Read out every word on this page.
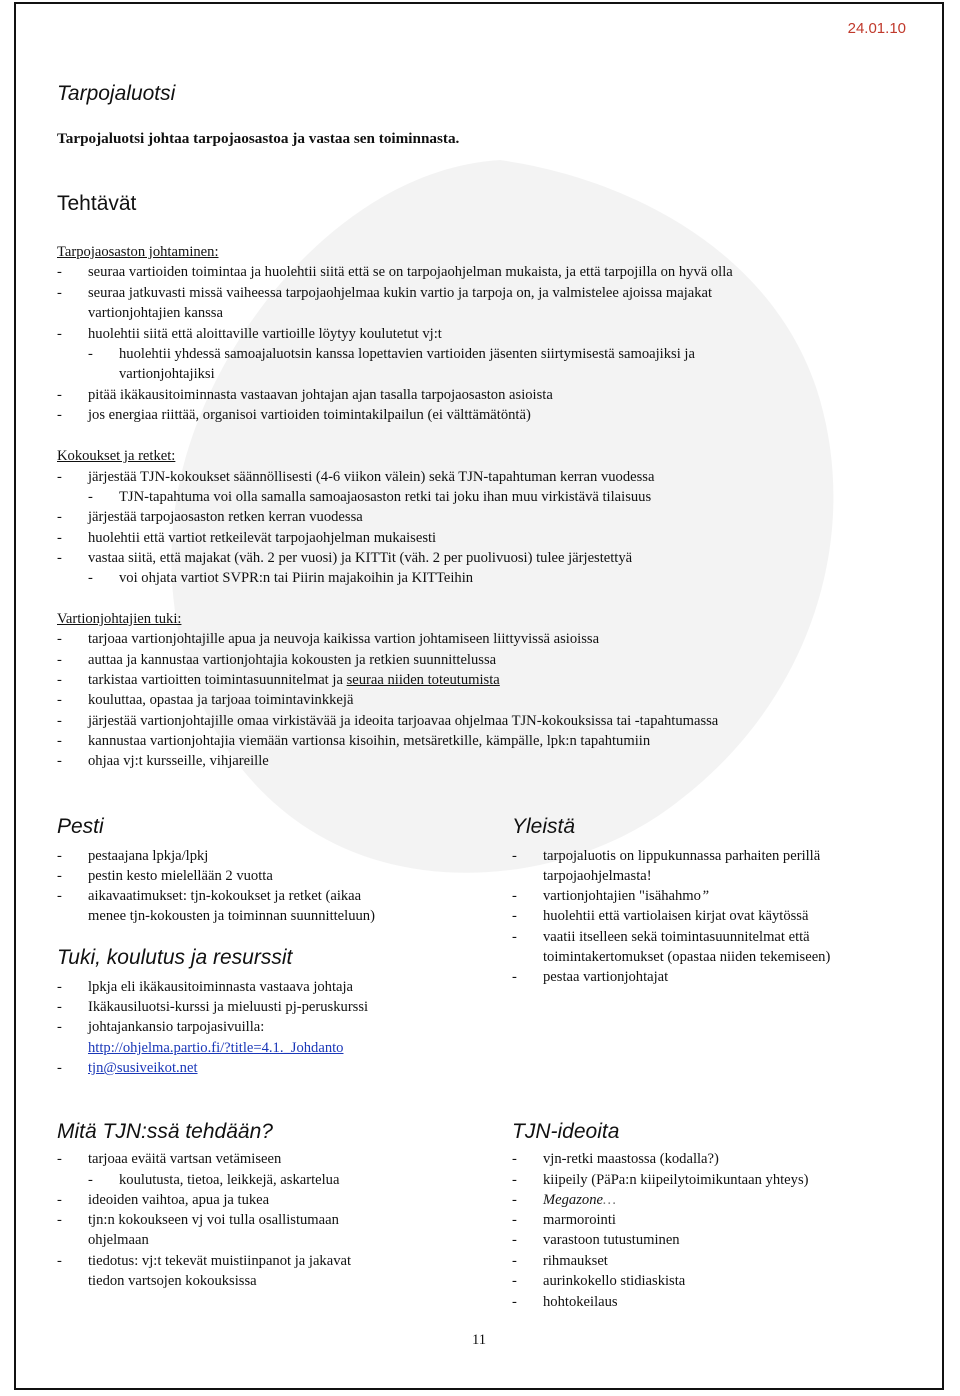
24.01.10
Tarpojaluotsi
Tarpojaluotsi johtaa tarpojaosastoa ja vastaa sen toiminnasta.
Tehtävät
Tarpojaosaston johtaminen:
- seuraa vartioiden toimintaa ja huolehtii siitä että se on tarpojaohjelman mukaista, ja että tarpojilla on hyvä olla
- seuraa jatkuvasti missä vaiheessa tarpojaohjelmaa kukin vartio ja tarpoja on, ja valmistelee ajoissa majakat
vartionjohtajien kanssa
- huolehtii siitä että aloittaville vartioille löytyy koulutetut vj:t
- huolehtii yhdessä samoajaluotsin kanssa lopettavien vartioiden jäsenten siirtymisestä samoajiksi ja
vartionjohtajiksi
- pitää ikäkausitoiminnasta vastaavan johtajan ajan tasalla tarpojaosaston asioista
- jos energiaa riittää, organisoi vartioiden toimintakilpailun (ei välttämätöntä)
Kokoukset ja retket:
- järjestää TJN-kokoukset säännöllisesti (4-6 viikon välein) sekä TJN-tapahtuman kerran vuodessa
- TJN-tapahtuma voi olla samalla samoajaosaston retki tai joku ihan muu virkistävä tilaisuus
- järjestää tarpojaosaston retken kerran vuodessa
- huolehtii että vartiot retkeilevät tarpojaohjelman mukaisesti
- vastaa siitä, että majakat (väh. 2 per vuosi) ja KITTit (väh. 2 per puolivuosi) tulee järjestettyä
- voi ohjata vartiot SVPR:n tai Piirin majakoihin ja KITTeihin
Vartionjohtajien tuki:
- tarjoaa vartionjohtajille apua ja neuvoja kaikissa vartion johtamiseen liittyvissä asioissa
- auttaa ja kannustaa vartionjohtajia kokousten ja retkien suunnittelussa
- tarkistaa vartioitten toimintasuunnitelmat ja seuraa niiden toteutumista
- kouluttaa, opastaa ja tarjoaa toimintavinkkejä
- järjestää vartionjohtajille omaa virkistävää ja ideoita tarjoavaa ohjelmaa TJN-kokouksissa tai -tapahtumassa
- kannustaa vartionjohtajia viemään vartionsa kisoihin, metsäretkille, kämpälle, lpk:n tapahtumiin
- ohjaa vj:t kursseille, vihjareille
Pesti
- pestaajana lpkja/lpkj
- pestin kesto mielellään 2 vuotta
- aikavaatimukset: tjn-kokoukset ja retket (aikaa
menee tjn-kokousten ja toiminnan suunnitteluun)
Yleistä
- tarpojaluotis on lippukunnassa parhaiten perillä
tarpojaohjelmasta!
- vartionjohtajien "isähahmo”
- huolehtii että vartiolaisen kirjat ovat käytössä
- vaatii itselleen sekä toimintasuunnitelmat että
toimintakertomukset (opastaa niiden tekemiseen)
- pestaa vartionjohtajat
Tuki, koulutus ja resurssit
- lpkja eli ikäkausitoiminnasta vastaava johtaja
- Ikäkausiluotsi-kurssi ja mieluusti pj-peruskurssi
- johtajankansio tarpojasivuilla:
http://ohjelma.partio.fi/?title=4.1._Johdanto
- tjn@susiveikot.net
Mitä TJN:ssä tehdään?
- tarjoaa eväitä vartsan vetämiseen
- koulutusta, tietoa, leikkejä, askartelua
- ideoiden vaihtoa, apua ja tukea
- tjn:n kokoukseen vj voi tulla osallistumaan
ohjelmaan
- tiedotus: vj:t tekevät muistiinpanot ja jakavat
tiedon vartsojen kokouksissa
TJN-ideoita
- vjn-retki maastossa (kodalla?)
- kiipeily (PäPa:n kiipeilytoimikuntaan yhteys)
- Megazone…
- marmorointi
- varastoon tutustuminen
- rihmaukset
- aurinkokello stidiaskista
- hohtokeilaus
11
